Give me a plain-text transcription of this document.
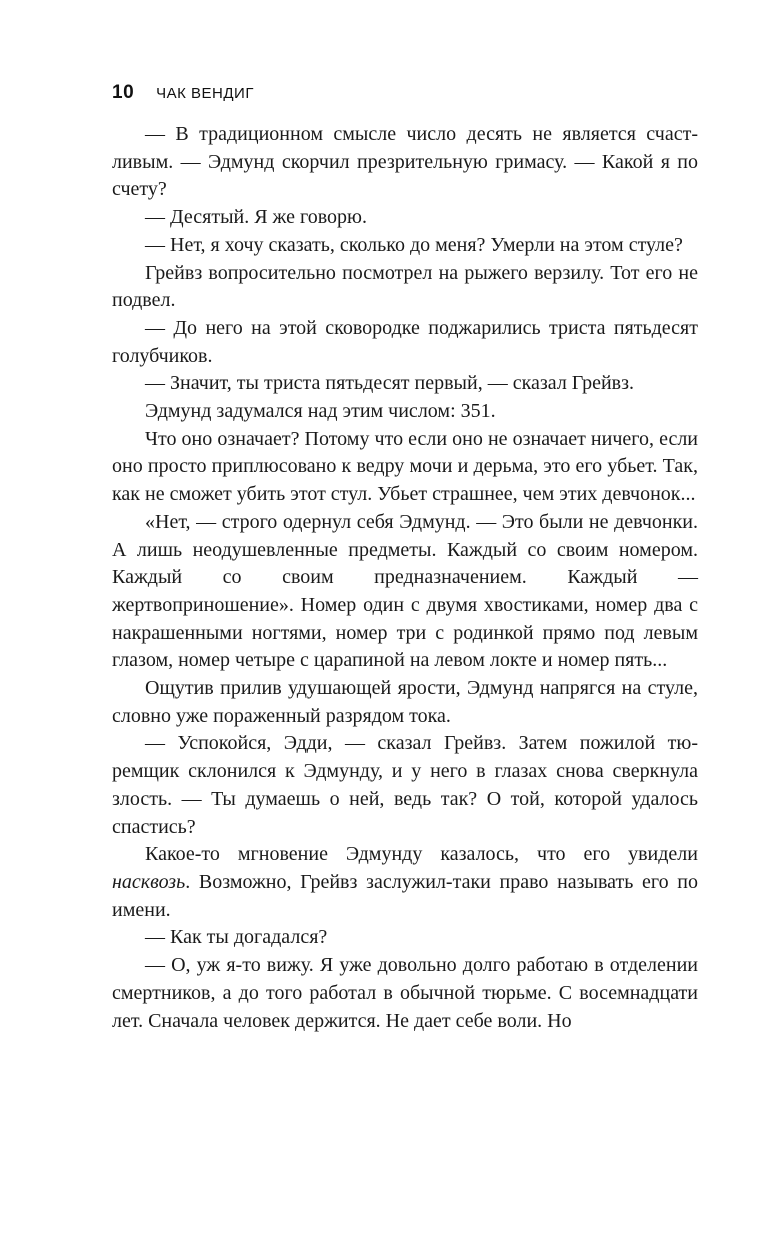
10 ЧАК ВЕНДИГ

— В традиционном смысле число десять не является счастливым. — Эдмунд скорчил презрительную гримасу. — Какой я по счету?

— Десятый. Я же говорю.

— Нет, я хочу сказать, сколько до меня? Умерли на этом стуле?

Грейвз вопросительно посмотрел на рыжего верзилу. Тот его не подвел.

— До него на этой сковородке поджарились триста пятьдесят голубчиков.

— Значит, ты триста пятьдесят первый, — сказал Грейвз.

Эдмунд задумался над этим числом: 351.

Что оно означает? Потому что если оно не означает ничего, если оно просто приплюсовано к ведру мочи и дерьма, это его убьет. Так, как не сможет убить этот стул. Убьет страшнее, чем этих девчонок...

«Нет, — строго одернул себя Эдмунд. — Это были не девчонки. А лишь неодушевленные предметы. Каждый со своим номером. Каждый со своим предназначением. Каждый — жертвоприношение». Номер один с двумя хвостиками, номер два с накрашенными ногтями, номер три с родинкой прямо под левым глазом, номер четыре с царапиной на левом локте и номер пять...

Ощутив прилив удушающей ярости, Эдмунд напрягся на стуле, словно уже пораженный разрядом тока.

— Успокойся, Эдди, — сказал Грейвз. Затем пожилой тюремщик склонился к Эдмунду, и у него в глазах снова сверкнула злость. — Ты думаешь о ней, ведь так? О той, которой удалось спастись?

Какое-то мгновение Эдмунду казалось, что его увидели насквозь. Возможно, Грейвз заслужил-таки право называть его по имени.

— Как ты догадался?

— О, уж я-то вижу. Я уже довольно долго работаю в отделении смертников, а до того работал в обычной тюрьме. С восемнадцати лет. Сначала человек держится. Не дает себе воли. Но
